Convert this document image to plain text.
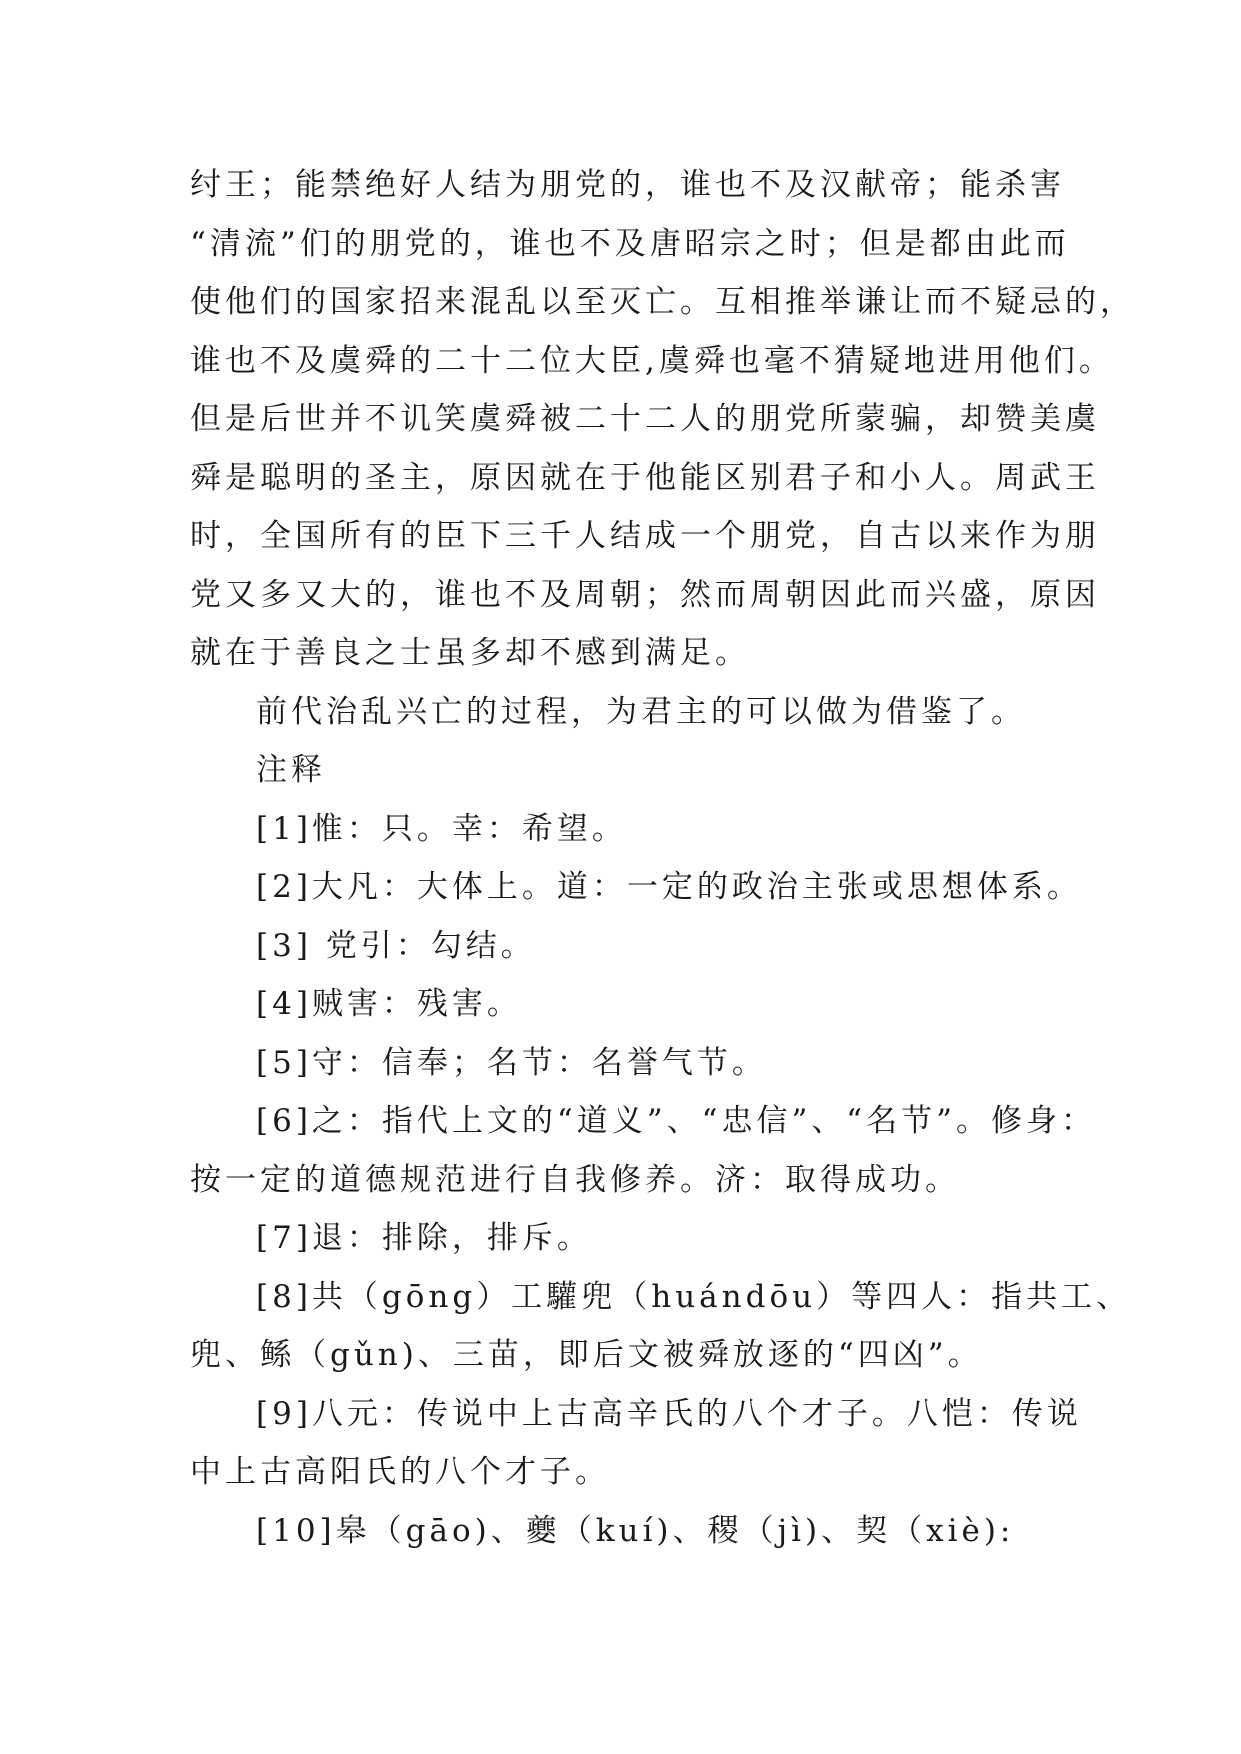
纣王；能禁绝好人结为朋党的，谁也不及汉献帝；能杀害
“清流”们的朋党的，谁也不及唐昭宗之时；但是都由此而
使他们的国家招来混乱以至灭亡。互相推举谦让而不疑忌的，
谁也不及虞舜的二十二位大臣,虞舜也毫不猜疑地进用他们。
但是后世并不讥笑虞舜被二十二人的朋党所蒙骗，却赞美虞
舜是聪明的圣主，原因就在于他能区别君子和小人。周武王
时，全国所有的臣下三千人结成一个朋党，自古以来作为朋
党又多又大的，谁也不及周朝；然而周朝因此而兴盛，原因
就在于善良之士虽多却不感到满足。
前代治乱兴亡的过程，为君主的可以做为借鉴了。
注释
[1]惟：只。幸：希望。
[2]大凡：大体上。道：一定的政治主张或思想体系。
[3] 党引：勾结。
[4]贼害：残害。
[5]守：信奉；名节：名誉气节。
[6]之：指代上文的“道义”、“忠信”、“名节”。修身：
按一定的道德规范进行自我修养。济：取得成功。
[7]退：排除，排斥。
[8]共（gōng）工驩兜（huándōu）等四人：指共工、
兜、鲧（gǔn)、三苗，即后文被舜放逐的“四凶”。
[9]八元：传说中上古高辛氏的八个才子。八恺：传说
中上古高阳氏的八个才子。
[10]皋（gāo)、夔（kuí)、稷（jì)、契（xiè):
